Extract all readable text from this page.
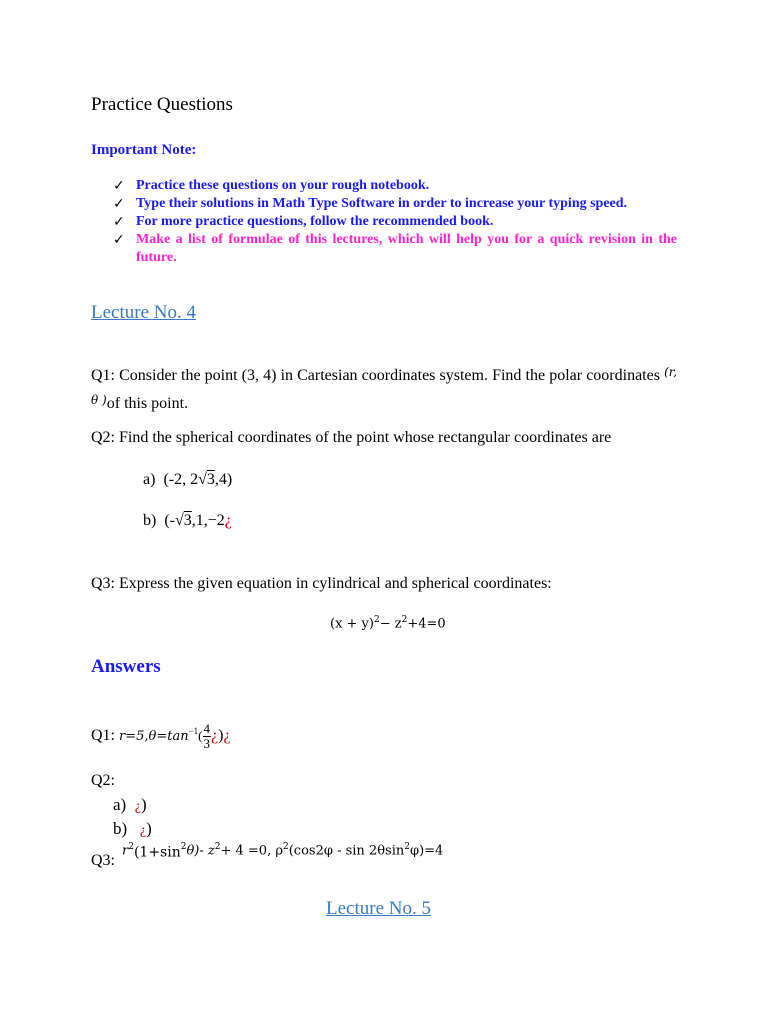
Practice Questions
Important Note:
✓ Practice these questions on your rough notebook.
✓ Type their solutions in Math Type Software in order to increase your typing speed.
✓ For more practice questions, follow the recommended book.
✓ Make a list of formulae of this lectures, which will help you for a quick revision in the future.
Lecture No. 4
Q1: Consider the point (3, 4) in Cartesian coordinates system. Find the polar coordinates $^{(r, \theta )}$of this point.
Q2: Find the spherical coordinates of the point whose rectangular coordinates are
a) (-2, 2√3,4)
b) (-√3,1,−2¿
Q3: Express the given equation in cylindrical and spherical coordinates:
$(x + y)^2- z^2+4=0$
Answers
Q1: $r=5,\theta=\tan^{-1}( \frac{4}{3}$ ¿)¿
Q2:
a) ¿)
b) ¿)
Q3:
$r^2(1+\sin^2\theta)-$ $z^2+ 4 =0$, $\rho^2(\cos 2\varphi - \sin 2\theta\sin^2\varphi)=4$
Lecture No. 5
